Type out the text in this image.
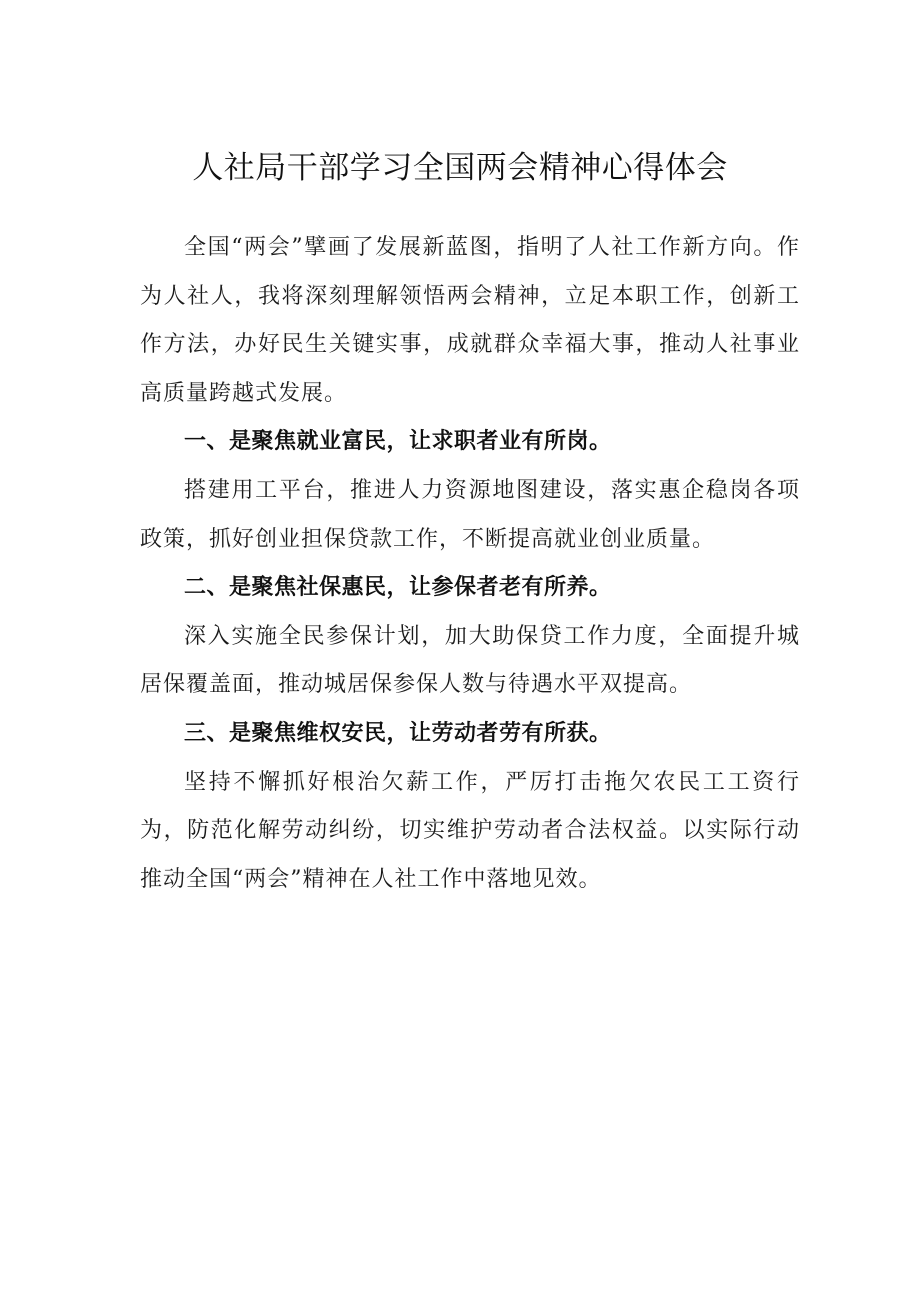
人社局干部学习全国两会精神心得体会

全国“两会”擘画了发展新蓝图，指明了人社工作新方向。作为人社人，我将深刻理解领悟两会精神，立足本职工作，创新工作方法，办好民生关键实事，成就群众幸福大事，推动人社事业高质量跨越式发展。

一、是聚焦就业富民，让求职者业有所岗。

搭建用工平台，推进人力资源地图建设，落实惠企稳岗各项政策，抓好创业担保贷款工作，不断提高就业创业质量。

二、是聚焦社保惠民，让参保者老有所养。

深入实施全民参保计划，加大助保贷工作力度，全面提升城居保覆盖面，推动城居保参保人数与待遇水平双提高。

三、是聚焦维权安民，让劳动者劳有所获。

坚持不懈抓好根治欠薪工作，严厉打击拖欠农民工工资行为，防范化解劳动纠纷，切实维护劳动者合法权益。以实际行动推动全国“两会”精神在人社工作中落地见效。
